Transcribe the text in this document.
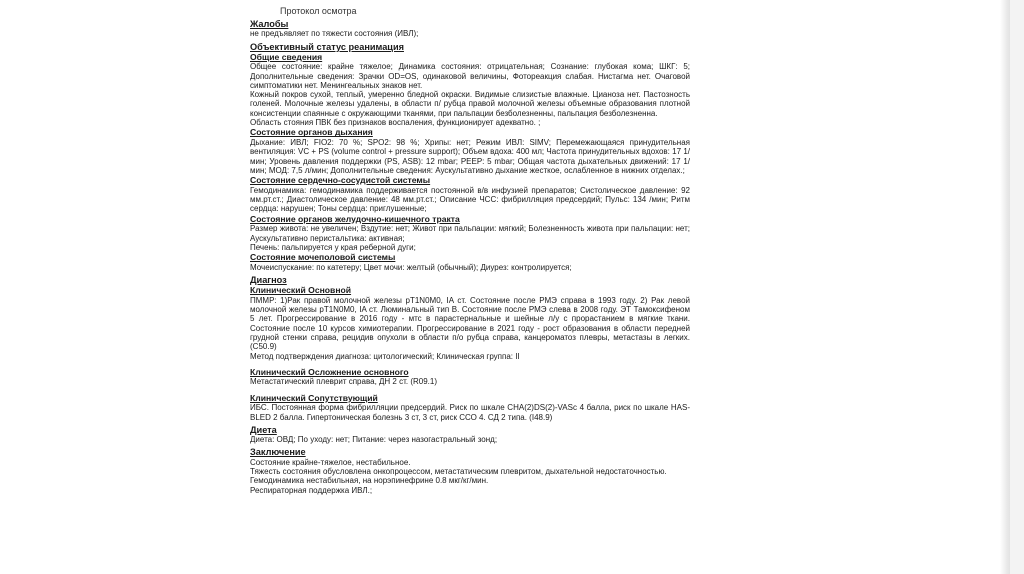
Протокол осмотра
Жалобы
не предъявляет по тяжести состояния (ИВЛ);
Объективный статус реанимация
Общие сведения
Общее состояние: крайне тяжелое; Динамика состояния: отрицательная; Сознание: глубокая кома; ШКГ: 5; Дополнительные сведения: Зрачки OD=OS, одинаковой величины, Фотореакция слабая. Нистагма нет. Очаговой симптоматики нет. Менингеальных знаков нет.
Кожный покров сухой, теплый, умеренно бледной окраски. Видимые слизистые влажные. Цианоза нет. Пастозность голеней. Молочные железы удалены, в области п/ рубца правой молочной железы объемные образования плотной консистенции спаянные с окружающими тканями, при пальпации безболезненны, пальпация безболезненна.
Область стояния ПВК без признаков воспаления, функционирует адекватно. ;
Состояние органов дыхания
Дыхание: ИВЛ; FIO2: 70 %; SPO2: 98 %; Хрипы: нет; Режим ИВЛ: SIMV; Перемежающаяся принудительная вентиляция: VC + PS (volume control + pressure support); Объем вдоха: 400 мл; Частота принудительных вдохов: 17 1/мин; Уровень давления поддержки (PS, ASB): 12 mbar; PEEP: 5 mbar; Общая частота дыхательных движений: 17 1/мин; МОД: 7,5 л/мин; Дополнительные сведения: Аускультативно дыхание жесткое, ослабленное в нижних отделах.;
Состояние сердечно-сосудистой системы
Гемодинамика: гемодинамика поддерживается постоянной в/в инфузией препаратов; Систолическое давление: 92 мм.рт.ст.; Диастолическое давление: 48 мм.рт.ст.; Описание ЧСС: фибрилляция предсердий; Пульс: 134 /мин; Ритм сердца: нарушен; Тоны сердца: приглушенные;
Состояние органов желудочно-кишечного тракта
Размер живота: не увеличен; Вздутие: нет; Живот при пальпации: мягкий; Болезненность живота при пальпации: нет; Аускультативно перистальтика: активная;
Печень: пальпируется у края реберной дуги;
Состояние мочеполовой системы
Мочеиспускание: по катетеру; Цвет мочи: желтый (обычный); Диурез: контролируется;
Диагноз
Клинический Основной
ПММР: 1)Рак правой молочной железы рТ1N0M0, IA ст. Состояние после РМЭ справа в 1993 году. 2) Рак левой молочной железы рТ1N0M0, IA ст. Люминальный тип В. Состояние после РМЭ слева в 2008 году. ЭТ Тамоксифеном 5 лет. Прогрессирование в 2016 году - мтс в парастернальные и шейные л/у с прорастанием в мягкие ткани. Состояние после 10 курсов химиотерапии. Прогрессирование в 2021 году - рост образования в области передней грудной стенки справа, рецидив опухоли в области п/о рубца справа, канцероматоз плевры, метастазы в легких. (C50.9)
Метод подтверждения диагноза: цитологический; Клиническая группа: II
Клинический Осложнение основного
Метастатический плеврит справа, ДН 2 ст. (R09.1)
Клинический Сопутствующий
ИБС. Постоянная форма фибрилляции предсердий. Риск по шкале CHA(2)DS(2)-VASc 4 балла, риск по шкале HAS-BLED 2 балла. Гипертоническая болезнь 3 ст, 3 ст, риск ССО 4. СД 2 типа. (I48.9)
Диета
Диета: ОВД; По уходу: нет; Питание: через назогастральный зонд;
Заключение
Состояние крайне-тяжелое, нестабильное.
Тяжесть состояния обусловлена онкопроцессом, метастатическим плевритом, дыхательной недостаточностью.
Гемодинамика нестабильная, на норэпинефрине 0.8 мкг/кг/мин.
Респираторная поддержка ИВЛ.;
